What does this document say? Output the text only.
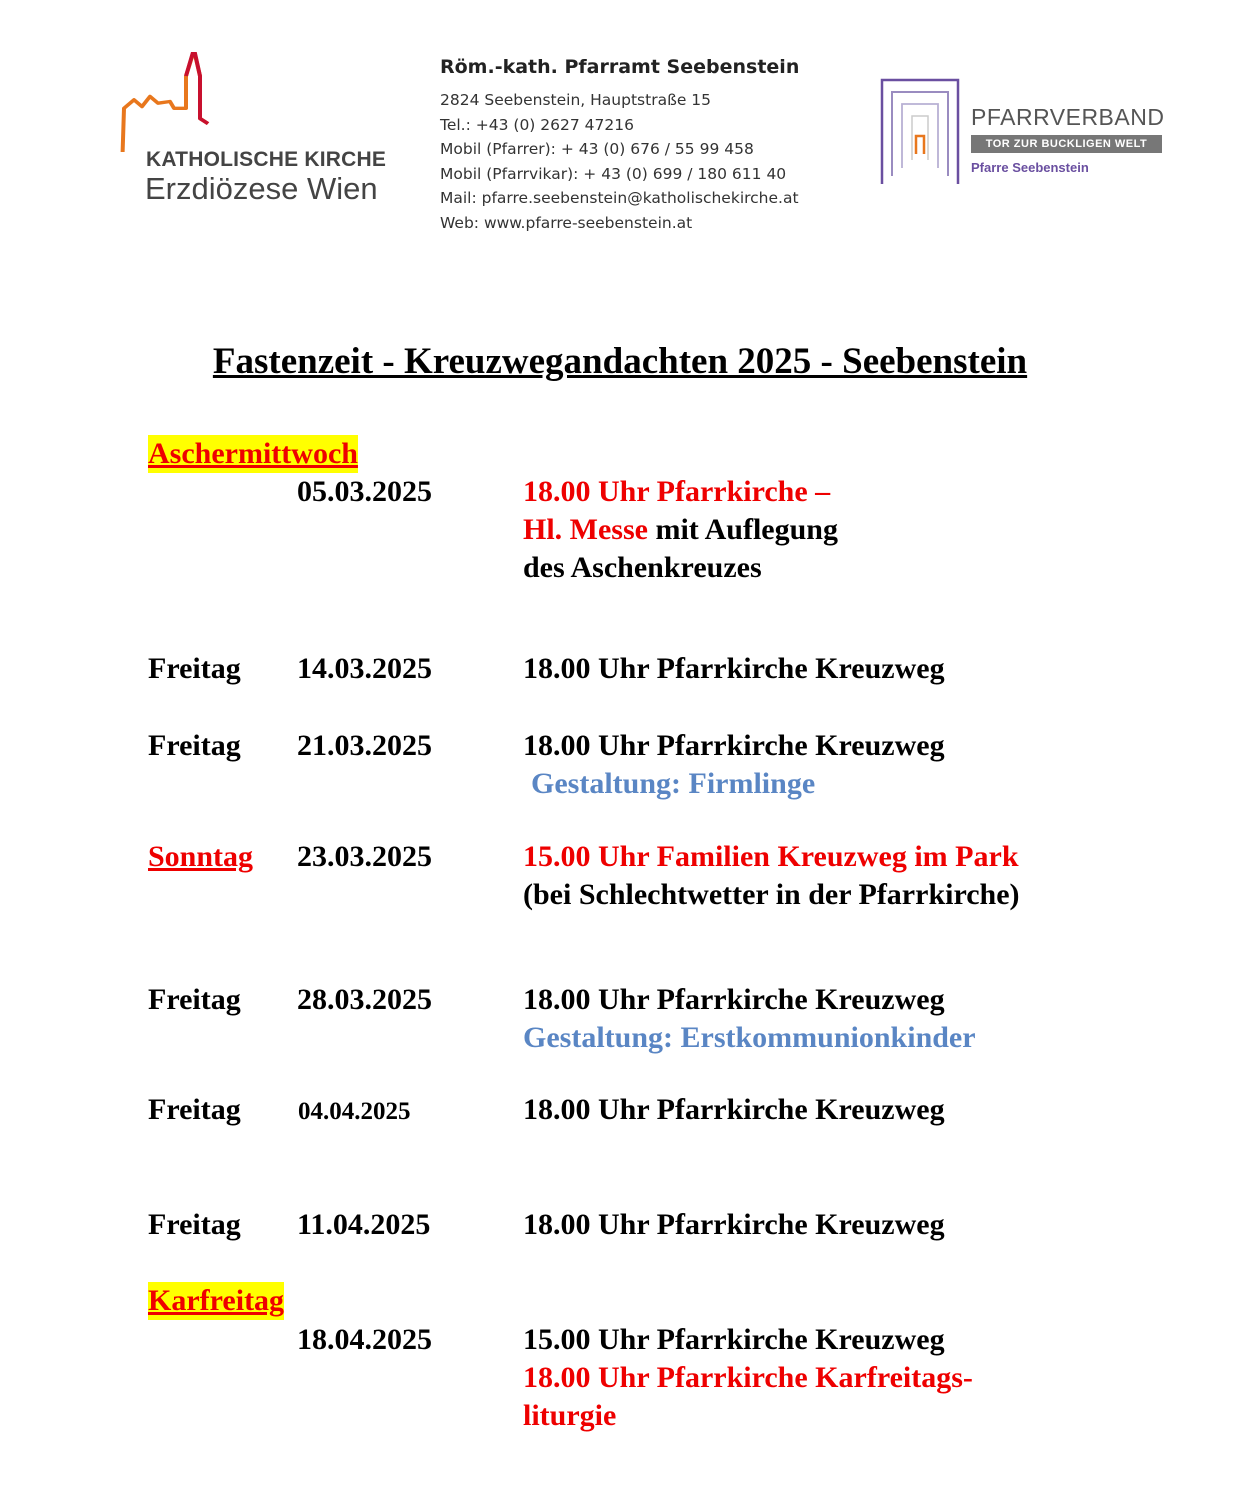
KATHOLISCHE KIRCHE
Erzdiözese Wien
Röm.-kath. Pfarramt Seebenstein
2824 Seebenstein, Hauptstraße 15
Tel.: +43 (0) 2627 47216
Mobil (Pfarrer): + 43 (0) 676 / 55 99 458
Mobil (Pfarrvikar): + 43 (0) 699 / 180 611 40
Mail: pfarre.seebenstein@katholischekirche.at
Web: www.pfarre-seebenstein.at
PFARRVERBAND
TOR ZUR BUCKLIGEN WELT
Pfarre Seebenstein
Fastenzeit - Kreuzwegandachten 2025 - Seebenstein
Aschermittwoch
05.03.2025	18.00 Uhr Pfarrkirche –
Hl. Messe mit Auflegung
des Aschenkreuzes
Freitag 14.03.2025	18.00 Uhr Pfarrkirche Kreuzweg
Freitag 21.03.2025	18.00 Uhr Pfarrkirche Kreuzweg
Gestaltung: Firmlinge
Sonntag 23.03.2025	15.00 Uhr Familien Kreuzweg im Park
(bei Schlechtwetter in der Pfarrkirche)
Freitag 28.03.2025	18.00 Uhr Pfarrkirche Kreuzweg
Gestaltung: Erstkommunionkinder
Freitag 04.04.2025	18.00 Uhr Pfarrkirche Kreuzweg
Freitag 11.04.2025	18.00 Uhr Pfarrkirche Kreuzweg
Karfreitag
18.04.2025	15.00 Uhr Pfarrkirche Kreuzweg
18.00 Uhr Pfarrkirche Karfreitags-
liturgie
